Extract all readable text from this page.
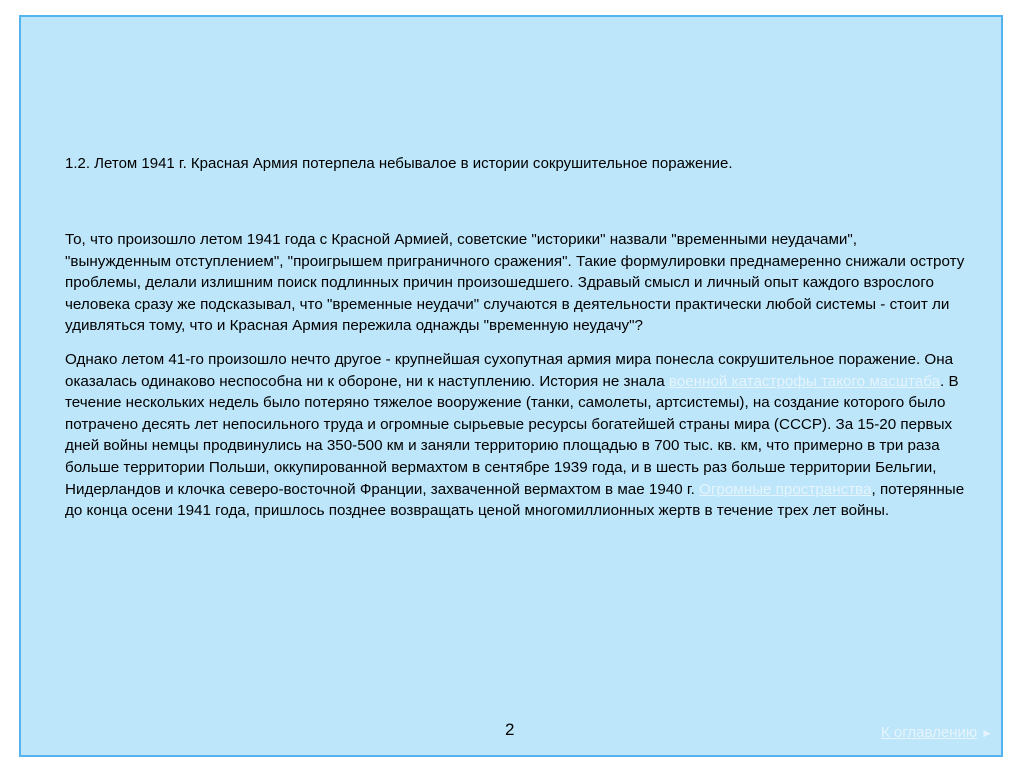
1.2. Летом 1941 г. Красная Армия потерпела небывалое в истории сокрушительное поражение.

То, что произошло летом 1941 года с Красной Армией, советские "историки" назвали "временными неудачами", "вынужденным отступлением", "проигрышем приграничного сражения". Такие формулировки преднамеренно снижали остроту проблемы, делали излишним поиск подлинных причин произошедшего. Здравый смысл и личный опыт каждого взрослого человека сразу же подсказывал, что "временные неудачи" случаются в деятельности практически любой системы - стоит ли удивляться тому, что и Красная Армия пережила однажды "временную неудачу"?

Однако летом 41-го произошло нечто другое - крупнейшая сухопутная армия мира понесла сокрушительное поражение. Она оказалась одинаково неспособна ни к обороне, ни к наступлению. История не знала военной катастрофы такого масштаба. В течение нескольких недель было потеряно тяжелое вооружение (танки, самолеты, артсистемы), на создание которого было потрачено десять лет непосильного труда и огромные сырьевые ресурсы богатейшей страны мира (СССР). За 15-20 первых дней войны немцы продвинулись на 350-500 км и заняли территорию площадью в 700 тыс. кв. км, что примерно в три раза больше территории Польши, оккупированной вермахтом в сентябре 1939 года, и в шесть раз больше территории Бельгии, Нидерландов и клочка северо-восточной Франции, захваченной вермахтом в мае 1940 г. Огромные пространства, потерянные до конца осени 1941 года, пришлось позднее возвращать ценой многомиллионных жертв в течение трех лет войны.

2	К оглавлению ►
